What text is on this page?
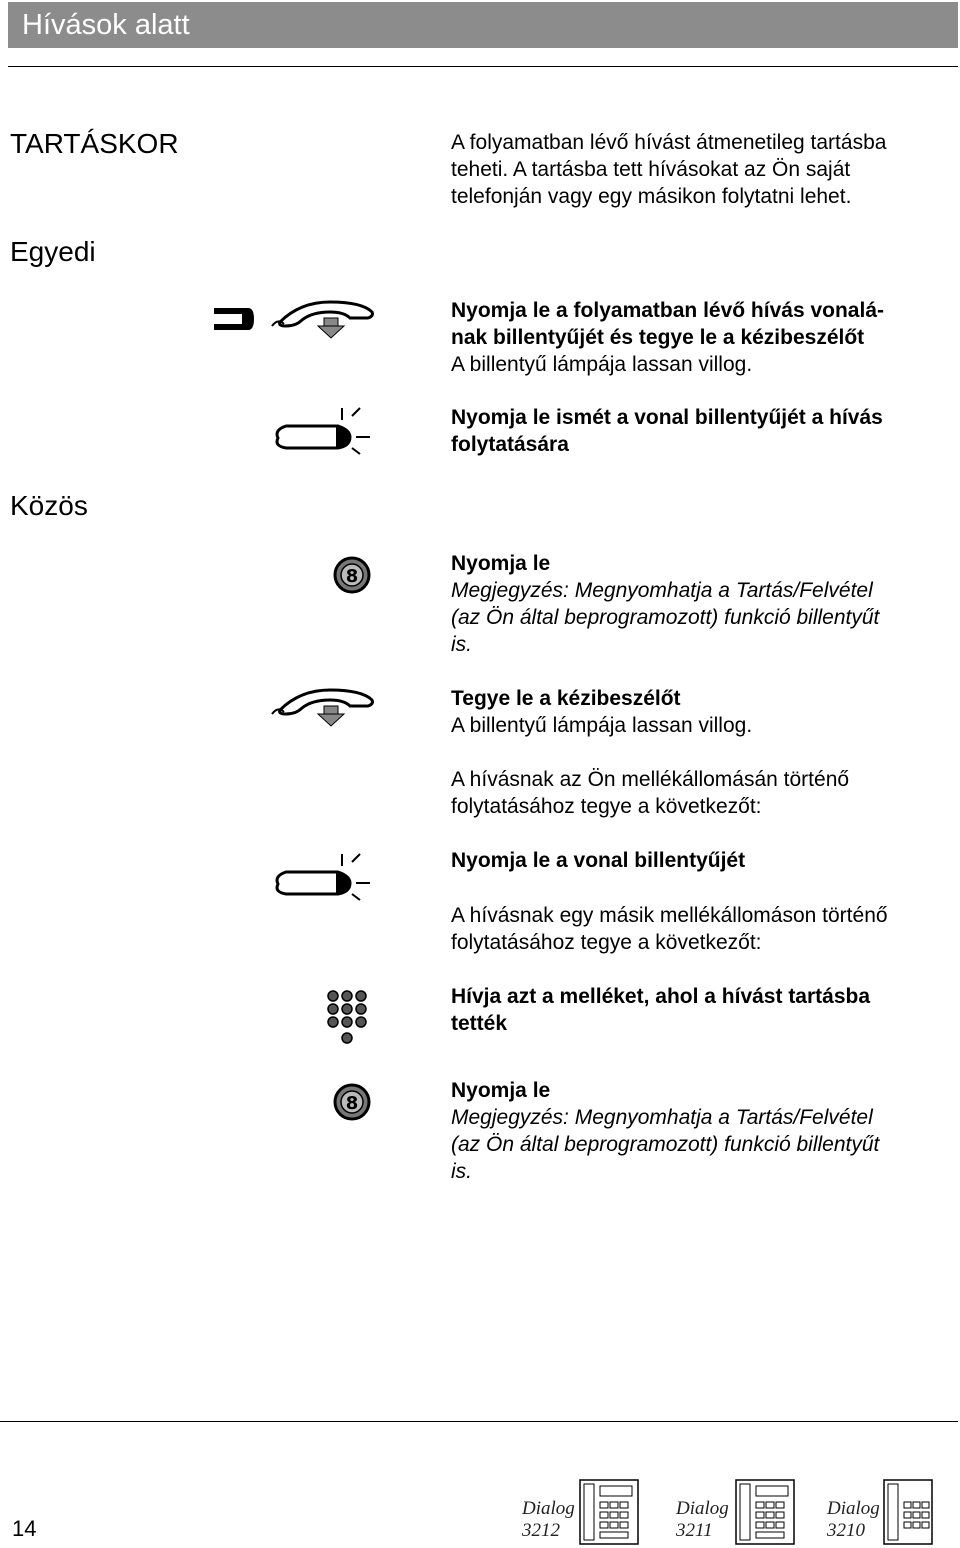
Hívások alatt
TARTÁSKOR
Egyedi
Közös
A folyamatban lévő hívást átmenetileg tartásba
teheti. A tartásba tett hívásokat az Ön saját
telefonján vagy egy másikon folytatni lehet.
Nyomja le a folyamatban lévő hívás vonalá-
nak billentyűjét és tegye le a kézibeszélőt
A billentyű lámpája lassan villog.
Nyomja le ismét a vonal billentyűjét a hívás
folytatására
8
Nyomja le
Megjegyzés: Megnyomhatja a Tartás/Felvétel
(az Ön által beprogramozott) funkció billentyűt
is.
Tegye le a kézibeszélőt
A billentyű lámpája lassan villog.
A hívásnak az Ön mellékállomásán történő
folytatásához tegye a következőt:
Nyomja le a vonal billentyűjét
A hívásnak egy másik mellékállomáson történő
folytatásához tegye a következőt:
Hívja azt a melléket, ahol a hívást tartásba
tették
8
Nyomja le
Megjegyzés: Megnyomhatja a Tartás/Felvétel
(az Ön által beprogramozott) funkció billentyűt
is.
14
Dialog
3212
Dialog
3211
Dialog
3210
